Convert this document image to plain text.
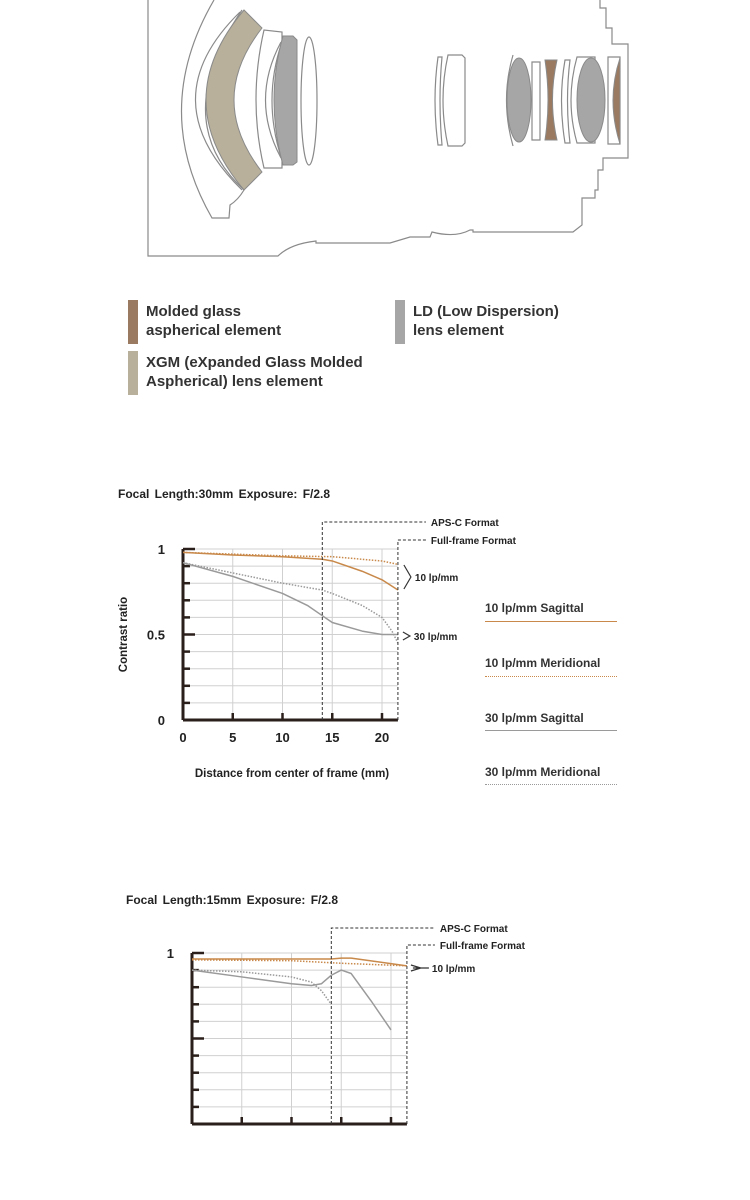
Molded glass
aspherical element
LD (Low Dispersion)
lens element
XGM (eXpanded Glass Molded
Aspherical) lens element
Focal Length:30mm Exposure: F/2.8
0
0.5
1
0	5	10	15	20
Distance from center of frame (mm)
Contrast ratio
APS-C Format
Full-frame Format
10 lp/mm
30 lp/mm
10 lp/mm Sagittal
10 lp/mm Meridional
30 lp/mm Sagittal
30 lp/mm Meridional
Focal Length:15mm Exposure: F/2.8
1
APS-C Format
Full-frame Format
10 lp/mm
